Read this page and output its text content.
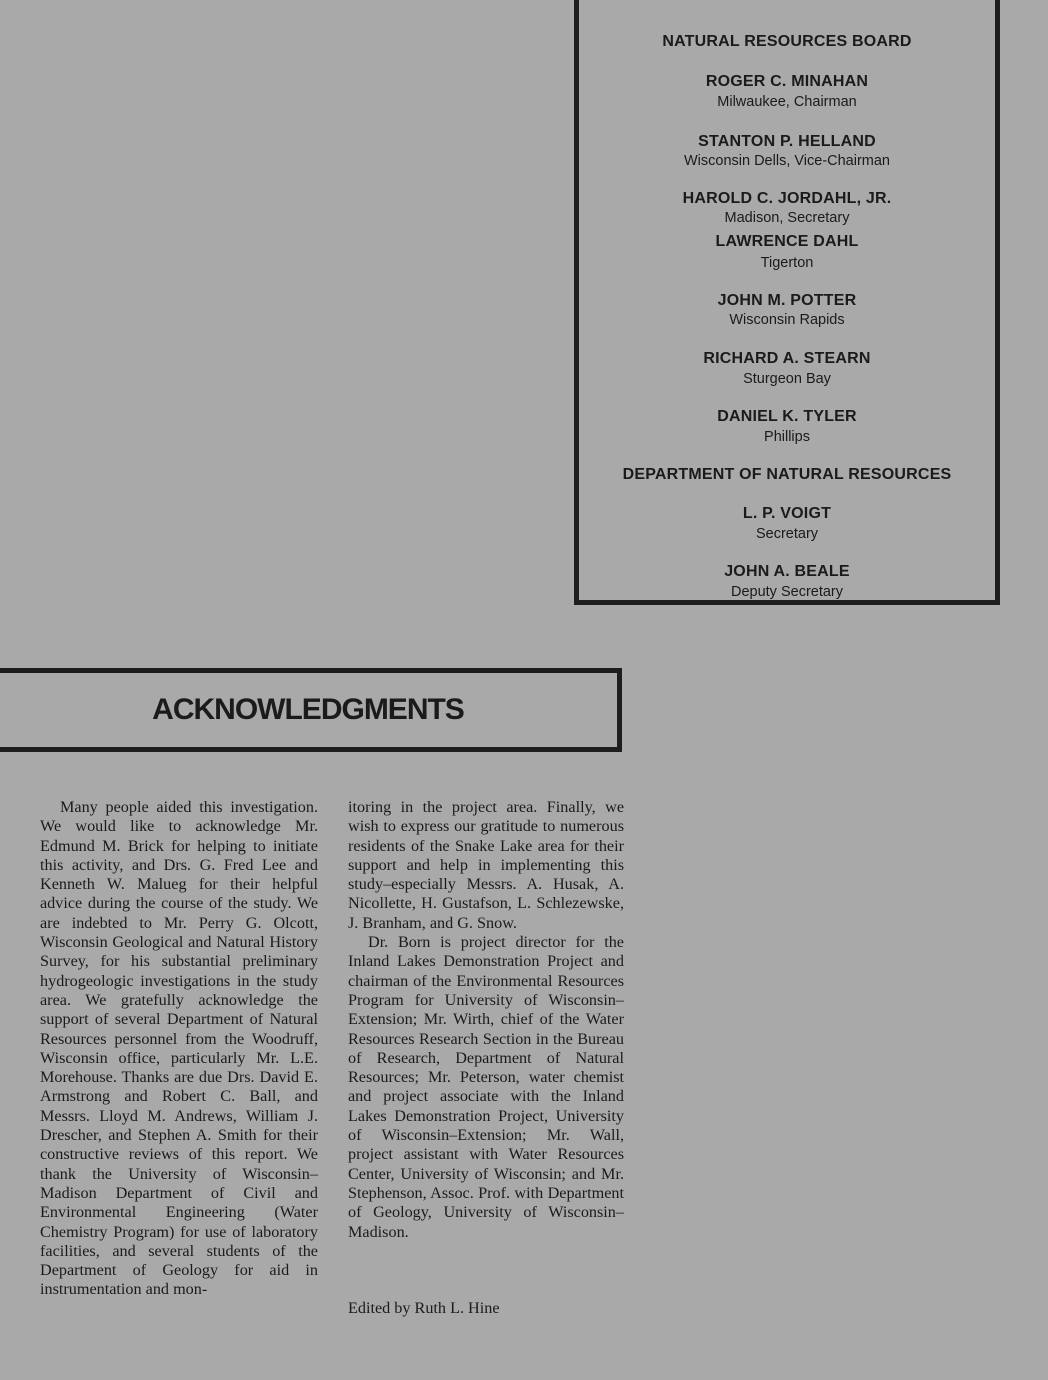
NATURAL RESOURCES BOARD
ROGER C. MINAHAN
Milwaukee, Chairman
STANTON P. HELLAND
Wisconsin Dells, Vice-Chairman
HAROLD C. JORDAHL, JR.
Madison, Secretary
LAWRENCE DAHL
Tigerton
JOHN M. POTTER
Wisconsin Rapids
RICHARD A. STEARN
Sturgeon Bay
DANIEL K. TYLER
Phillips
DEPARTMENT OF NATURAL RESOURCES
L. P. VOIGT
Secretary
JOHN A. BEALE
Deputy Secretary
ACKNOWLEDGMENTS

Many people aided this investigation. We would like to acknowledge Mr. Edmund M. Brick for helping to initiate this activity, and Drs. G. Fred Lee and Kenneth W. Malueg for their helpful advice during the course of the study. We are indebted to Mr. Perry G. Olcott, Wisconsin Geological and Natural History Survey, for his substantial preliminary hydrogeologic investigations in the study area. We gratefully acknowledge the support of several Department of Natural Resources personnel from the Woodruff, Wisconsin office, particularly Mr. L.E. Morehouse. Thanks are due Drs. David E. Armstrong and Robert C. Ball, and Messrs. Lloyd M. Andrews, William J. Drescher, and Stephen A. Smith for their constructive reviews of this report. We thank the University of Wisconsin–Madison Department of Civil and Environmental Engineering (Water Chemistry Program) for use of laboratory facilities, and several students of the Department of Geology for aid in instrumentation and mon-

itoring in the project area. Finally, we wish to express our gratitude to numerous residents of the Snake Lake area for their support and help in implementing this study–especially Messrs. A. Husak, A. Nicollette, H. Gustafson, L. Schlezewske, J. Branham, and G. Snow.

Dr. Born is project director for the Inland Lakes Demonstration Project and chairman of the Environmental Resources Program for University of Wisconsin–Extension; Mr. Wirth, chief of the Water Resources Research Section in the Bureau of Research, Department of Natural Resources; Mr. Peterson, water chemist and project associate with the Inland Lakes Demonstration Project, University of Wisconsin–Extension; Mr. Wall, project assistant with Water Resources Center, University of Wisconsin; and Mr. Stephenson, Assoc. Prof. with Department of Geology, University of Wisconsin–Madison.

Edited by Ruth L. Hine
